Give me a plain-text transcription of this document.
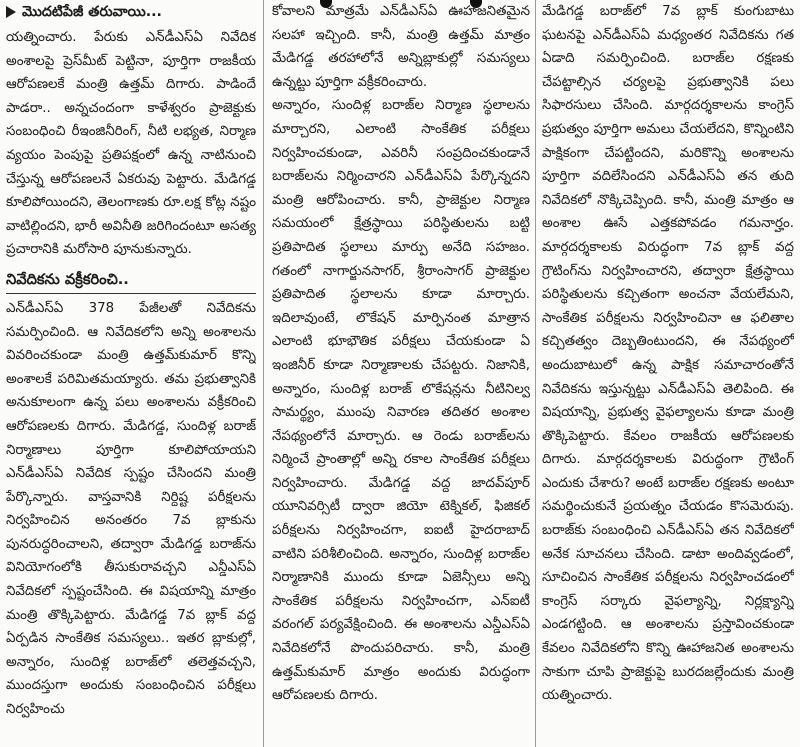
మొదటిపేజీ తరువాయి...

యత్నించారు. పేరుకు ఎన్‌డీఎస్‌ఏ నివేదిక అంశాలపై ప్రెస్‌మీట్ పెట్టినా, పూర్తిగా రాజకీయ ఆరోపణలకే మంత్రి ఉత్తమ్ దిగారు. పాడిందే పాడరా.. అన్నచందంగా కాళేశ్వరం ప్రాజెక్టుకు సంబంధించి రీఇంజినీరింగ్, నీటి లభ్యత, నిర్మాణ వ్యయం పెంపుపై ప్రతిపక్షంలో ఉన్న నాటినుంచి చేస్తున్న ఆరోపణలనే ఏకరువు పెట్టారు. మేడిగడ్డ కూలిపోయిందని, తెలంగాణకు రూ.లక్ష కోట్ల నష్టం వాటిల్లిందని, భారీ అవినీతి జరిగిందంటూ అసత్య ప్రచారానికి మరోసారి పూనుకున్నారు.

నివేదికను వక్రీకరించి..

ఎన్‌డీఎస్‌ఏ 378 పేజీలతో నివేదికను సమర్పించింది. ఆ నివేదికలోని అన్ని అంశాలను వివరించకుండా మంత్రి ఉత్తమ్‌కుమార్ కొన్ని అంశాలకే పరిమితమయ్యారు. తమ ప్రభుత్వానికి అనుకూలంగా ఉన్న పలు అంశాలను వక్రీకరించి ఆరోపణలకు దిగారు. మేడిగడ్డ, సుందిళ్ల బరాజ్ నిర్మాణాలు పూర్తిగా కూలిపోయాయని ఎన్‌డీఎస్‌ఏ నివేదిక స్పష్టం చేసిందని మంత్రి పేర్కొన్నారు. వాస్తవానికి నిర్దిష్ట పరీక్షలను నిర్వహించిన అనంతరం 7వ బ్లాకును పునరుద్ధరించాలని, తద్వారా మేడిగడ్డ బరాజ్‌ను వినియోగంలోకి తీసుకురావచ్చని ఎన్డీఎస్‌ఏ నివేదికలో స్పష్టంచేసింది. ఈ విషయాన్ని మాత్రం మంత్రి తొక్కిపెట్టారు. మేడిగడ్డ 7వ బ్లాక్ వద్ద ఏర్పడిన సాంకేతిక సమస్యలు.. ఇతర బ్లాకుల్లో, అన్నారం, సుందిళ్ల బరాజ్‌లో తలెత్తవచ్చని, ముందస్తుగా అందుకు సంబంధించిన పరీక్షలు నిర్వహించు

కోవాలని మాత్రమే ఎన్‌డీఎస్‌ఏ ఊహాజనితమైన సలహా ఇచ్చింది. కానీ, మంత్రి ఉత్తమ్ మాత్రం మేడిగడ్డ తరహాలోనే అన్నిబ్లాకుల్లో సమస్యలు ఉన్నట్టు పూర్తిగా వక్రీకరించారు.

అన్నారం, సుందిళ్ల బరాజ్‌ల నిర్మాణ స్థలాలను మార్చారని, ఎలాంటి సాంకేతిక పరీక్షలు నిర్వహించకుండా, ఎవరినీ సంప్రదించకుండానే బరాజ్‌లను నిర్మించారని ఎన్‌డీఎస్‌ఏ పేర్కొన్నదని మంత్రి ఆరోపించారు. కానీ, ప్రాజెక్టుల నిర్మాణ సమయంలో క్షేత్రస్థాయి పరిస్థితులను బట్టి ప్రతిపాదిత స్థలాలు మార్పు అనేది సహజం. గతంలో నాగార్జునసాగర్, శ్రీరాంసాగర్ ప్రాజెక్టుల ప్రతిపాదిత స్థలాలను కూడా మార్చారు. ఇదిలావుంటే, లొకేషన్ మార్పినంత మాత్రాన ఎలాంటి భూభౌతిక పరీక్షలు చేయకుండా ఏ ఇంజినీర్ కూడా నిర్మాణాలకు చేపట్టరు. నిజానికి, అన్నారం, సుందిళ్ల బరాజ్ లొకేషన్లను నీటినిల్వ సామర్థ్యం, ముంపు నివారణ తదితర అంశాల నేపథ్యంలోనే మార్చారు. ఆ రెండు బరాజ్‌లను నిర్మించే ప్రాంతాల్లో అన్ని రకాల సాంకేతిక పరీక్షలు నిర్వహించారు. మేడిగడ్డ వద్ద జాదవ్‌పూర్ యూనివర్సిటీ ద్వారా జియో టెక్నికల్, ఫిజికల్ పరీక్షలను నిర్వహించగా, ఐఐటీ హైదరాబాద్ వాటిని పరిశీలించింది. అన్నారం, సుందిళ్ల బరాజ్‌ల నిర్మాణానికి ముందు కూడా ఏజెన్సీలు అన్ని సాంకేతిక పరీక్షలను నిర్వహించగా, ఎన్‌ఐటీ వరంగల్ పర్యవేక్షించింది. ఈ అంశాలను ఎన్డీఎస్‌ఏ నివేదికలోనే పొందుపరిచారు. కానీ, మంత్రి ఉత్తమ్‌కుమార్ మాత్రం అందుకు విరుద్ధంగా ఆరోపణలకు దిగారు.

మేడిగడ్డ బరాజ్‌లో 7వ బ్లాక్ కుంగుబాటు ఘటనపై ఎన్‌డీఎస్‌ఏ మధ్యంతర నివేదికను గత ఏడాది సమర్పించింది. బరాజ్‌ల రక్షణకు చేపట్టాల్సిన చర్యలపై ప్రభుత్వానికి పలు సిఫారసులు చేసింది. మార్గదర్శకాలను కాంగ్రెస్ ప్రభుత్వం పూర్తిగా అమలు చేయలేదని, కొన్నింటిని పాక్షికంగా చేపట్టిందని, మరికొన్ని అంశాలను పూర్తిగా వదిలేసిందని ఎన్‌డీఎస్‌ఏ తన తుది నివేదికలో నొక్కిచెప్పింది. కానీ, మంత్రి మాత్రం ఆ అంశాల ఊసే ఎత్తకపోవడం గమనార్హం. మార్గదర్శకాలకు విరుద్ధంగా 7వ బ్లాక్ వద్ద గ్రౌటింగ్‌ను నిర్వహించారని, తద్వారా క్షేత్రస్థాయి పరిస్థితులను కచ్చితంగా అంచనా వేయలేమని, సాంకేతిక పరీక్షలను నిర్వహించినా ఆ ఫలితాల కచ్చితత్వం దెబ్బతింటుందని, ఈ నేపథ్యంలో అందుబాటులో ఉన్న పాక్షిక సమాచారంతోనే నివేదికను ఇస్తున్నట్టు ఎన్‌డీఎస్‌ఏ తెలిపింది. ఈ విషయాన్ని, ప్రభుత్వ వైఫల్యాలను కూడా మంత్రి తొక్కిపెట్టారు. కేవలం రాజకీయ ఆరోపణలకు దిగారు. మార్గదర్శకాలకు విరుద్ధంగా గ్రౌటింగ్ ఎందుకు చేశారు? అంటే బరాజ్‌ల రక్షణకు అంటూ సమర్థించుకునే ప్రయత్నం చేయడం కొసమెరుపు. బరాజ్‌కు సంబంధించి ఎన్‌డీఎస్‌ఏ తన నివేదికలో అనేక సూచనలు చేసింది. డాటా అందివ్వడంలో, సూచించిన సాంకేతిక పరీక్షలను నిర్వహించడంలో కాంగ్రెస్ సర్కారు వైఫల్యాన్ని, నిర్లక్ష్యాన్ని ఎండగట్టింది. ఆ అంశాలను ప్రస్తావించకుండా కేవలం నివేదికలోని కొన్ని ఊహాజనిత అంశాలను సాకుగా చూపి ప్రాజెక్టుపై బురదజల్లేందుకు మంత్రి యత్నించారు.
